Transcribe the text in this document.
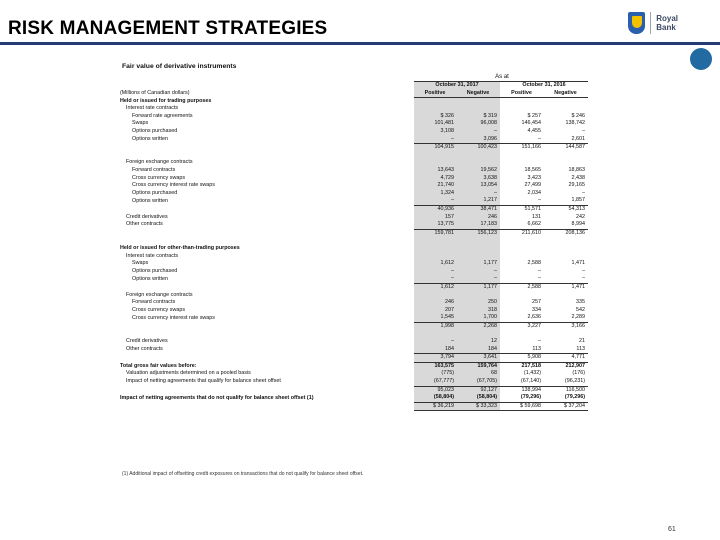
RISK MANAGEMENT STRATEGIES	Royal Bank
Fair value of derivative instruments
As at
	October 31, 2017		October 31, 2016	
(Millions of Canadian dollars)	Positive	Negative	Positive	Negative
Held or issued for trading purposes				
Interest rate contracts				
Forward rate agreements	$ 326	$ 319	$ 257	$ 246
Swaps	101,481	96,008	146,454	138,742
Options purchased	3,108	–	4,455	–
Options written	–	3,096	–	2,601
	104,915	100,423	151,166	144,587

Foreign exchange contracts				
Forward contracts	13,643	19,562	18,565	18,863
Cross currency swaps	4,729	3,638	3,423	2,438
Cross currency interest rate swaps	21,740	13,054	27,499	29,165
Options purchased	1,324	–	2,034	–
Options written	–	1,217	–	1,857
	40,936	38,471	51,571	54,313
Credit derivatives	157	246	131	242
Other contracts	13,775	17,183	6,662	8,994
	159,781	156,123	211,610	208,136

Held or issued for other-than-trading purposes				
Interest rate contracts				
Swaps	1,612	1,177	2,588	1,471
Options purchased	–	–	–	–
Options written	–	–	–	–
	1,612	1,177	2,588	1,471
Foreign exchange contracts				
Forward contracts	246	250	257	335
Cross currency swaps	207	318	334	542
Cross currency interest rate swaps	1,545	1,700	2,636	2,289
	1,998	2,268	3,227	3,166

Credit derivatives	–	12	–	21
Other contracts	184	184	113	113
	3,794	3,641	5,908	4,771
Total gross fair values before:	163,575	159,764	217,518	212,907
Valuation adjustments determined on a pooled basis	(775)	68	(1,432)	(176)
Impact of netting agreements that qualify for balance sheet offset	(67,777)	(67,705)	(67,140)	(96,231)
	95,023	92,127	138,994	116,500
Impact of netting agreements that do not qualify for balance sheet offset (1)	(58,804)	(58,804)	(79,296)	(79,296)
	$ 36,219	$ 33,323	$ 59,698	$ 37,204
(1) Additional impact of offsetting credit exposures on transactions that do not qualify for balance sheet offset.
61
